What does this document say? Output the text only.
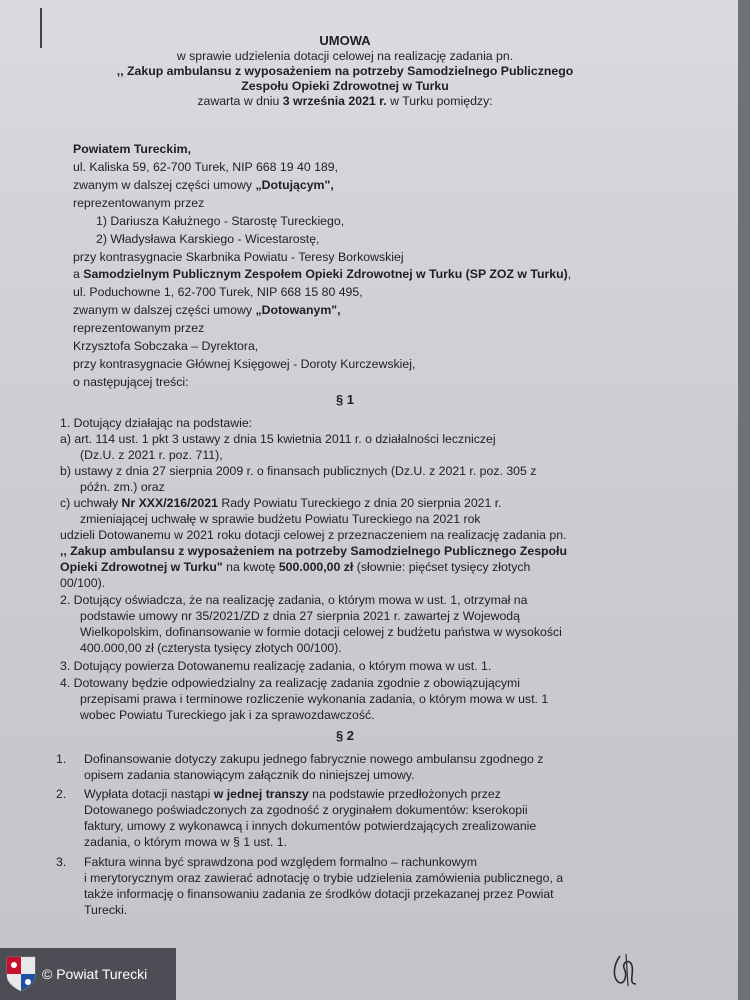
UMOWA
w sprawie udzielenia dotacji celowej na realizację zadania pn.
,, Zakup ambulansu z wyposażeniem na potrzeby Samodzielnego Publicznego
Zespołu Opieki Zdrowotnej w Turku
zawarta w dniu 3 września 2021 r. w Turku pomiędzy:
Powiatem Tureckim,
ul. Kaliska 59, 62-700 Turek, NIP 668 19 40 189,
zwanym w dalszej części umowy „Dotującym",
reprezentowanym przez
1) Dariusza Kałużnego - Starostę Tureckiego,
2) Władysława Karskiego - Wicestarostę,
przy kontrasygnacie Skarbnika Powiatu - Teresy Borkowskiej
a Samodzielnym Publicznym Zespołem Opieki Zdrowotnej w Turku (SP ZOZ w Turku),
ul. Poduchowne 1, 62-700 Turek, NIP 668 15 80 495,
zwanym w dalszej części umowy „Dotowanym",
reprezentowanym przez
Krzysztofa Sobczaka – Dyrektora,
przy kontrasygnacie Głównej Księgowej - Doroty Kurczewskiej,
o następującej treści:
§ 1
1. Dotujący działając na podstawie:
a) art. 114 ust. 1 pkt 3 ustawy z dnia 15 kwietnia 2011 r. o działalności leczniczej
(Dz.U. z 2021 r. poz. 711),
b) ustawy z dnia 27 sierpnia 2009 r. o finansach publicznych (Dz.U. z 2021 r. poz. 305 z
późn. zm.) oraz
c) uchwały Nr XXX/216/2021 Rady Powiatu Tureckiego z dnia 20 sierpnia 2021 r.
zmieniającej uchwałę w sprawie budżetu Powiatu Tureckiego na 2021 rok
udzieli Dotowanemu w 2021 roku dotacji celowej z przeznaczeniem na realizację zadania pn.
,, Zakup ambulansu z wyposażeniem na potrzeby Samodzielnego Publicznego Zespołu
Opieki Zdrowotnej w Turku" na kwotę 500.000,00 zł (słownie: pięćset tysięcy złotych
00/100).
2. Dotujący oświadcza, że na realizację zadania, o którym mowa w ust. 1, otrzymał na
podstawie umowy nr 35/2021/ZD z dnia 27 sierpnia 2021 r. zawartej z Wojewodą
Wielkopolskim, dofinansowanie w formie dotacji celowej z budżetu państwa w wysokości
400.000,00 zł (czterysta tysięcy złotych 00/100).
3. Dotujący powierza Dotowanemu realizację zadania, o którym mowa w ust. 1.
4. Dotowany będzie odpowiedzialny za realizację zadania zgodnie z obowiązującymi
przepisami prawa i terminowe rozliczenie wykonania zadania, o którym mowa w ust. 1
wobec Powiatu Tureckiego jak i za sprawozdawczość.
§ 2
1. Dofinansowanie dotyczy zakupu jednego fabrycznie nowego ambulansu zgodnego z
opisem zadania stanowiącym załącznik do niniejszej umowy.
2. Wypłata dotacji nastąpi w jednej transzy na podstawie przedłożonych przez
Dotowanego poświadczonych za zgodność z oryginałem dokumentów: kserokopii
faktury, umowy z wykonawcą i innych dokumentów potwierdzających zrealizowanie
zadania, o którym mowa w § 1 ust. 1.
3. Faktura winna być sprawdzona pod względem formalno – rachunkowym
i merytorycznym oraz zawierać adnotację o trybie udzielenia zamówienia publicznego, a
także informację o finansowaniu zadania ze środków dotacji przekazanej przez Powiat
Turecki.
© Powiat Turecki
